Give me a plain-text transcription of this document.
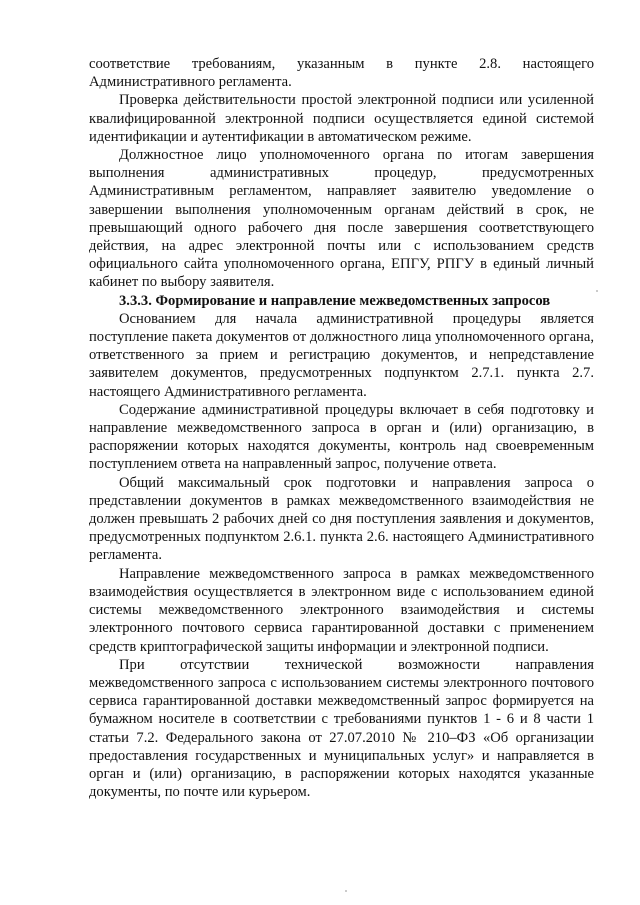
соответствие требованиям, указанным в пункте 2.8. настоящего Административного регламента.

Проверка действительности простой электронной подписи или усиленной квалифицированной электронной подписи осуществляется единой системой идентификации и аутентификации в автоматическом режиме.

Должностное лицо уполномоченного органа по итогам завершения выполнения административных процедур, предусмотренных Административным регламентом, направляет заявителю уведомление о завершении выполнения уполномоченным органам действий в срок, не превышающий одного рабочего дня после завершения соответствующего действия, на адрес электронной почты или с использованием средств официального сайта уполномоченного органа, ЕПГУ, РПГУ в единый личный кабинет по выбору заявителя.

3.3.3. Формирование и направление межведомственных запросов

Основанием для начала административной процедуры является поступление пакета документов от должностного лица уполномоченного органа, ответственного за прием и регистрацию документов, и непредставление заявителем документов, предусмотренных подпунктом 2.7.1. пункта 2.7. настоящего Административного регламента.

Содержание административной процедуры включает в себя подготовку и направление межведомственного запроса в орган и (или) организацию, в распоряжении которых находятся документы, контроль над своевременным поступлением ответа на направленный запрос, получение ответа.

Общий максимальный срок подготовки и направления запроса о представлении документов в рамках межведомственного взаимодействия не должен превышать 2 рабочих дней со дня поступления заявления и документов, предусмотренных подпунктом 2.6.1. пункта 2.6. настоящего Административного регламента.

Направление межведомственного запроса в рамках межведомственного взаимодействия осуществляется в электронном виде с использованием единой системы межведомственного электронного взаимодействия и системы электронного почтового сервиса гарантированной доставки с применением средств криптографической защиты информации и электронной подписи.

При отсутствии технической возможности направления межведомственного запроса с использованием системы электронного почтового сервиса гарантированной доставки межведомственный запрос формируется на бумажном носителе в соответствии с требованиями пунктов 1 - 6 и 8 части 1 статьи 7.2. Федерального закона от 27.07.2010 № 210–ФЗ «Об организации предоставления государственных и муниципальных услуг» и направляется в орган и (или) организацию, в распоряжении которых находятся указанные документы, по почте или курьером.
